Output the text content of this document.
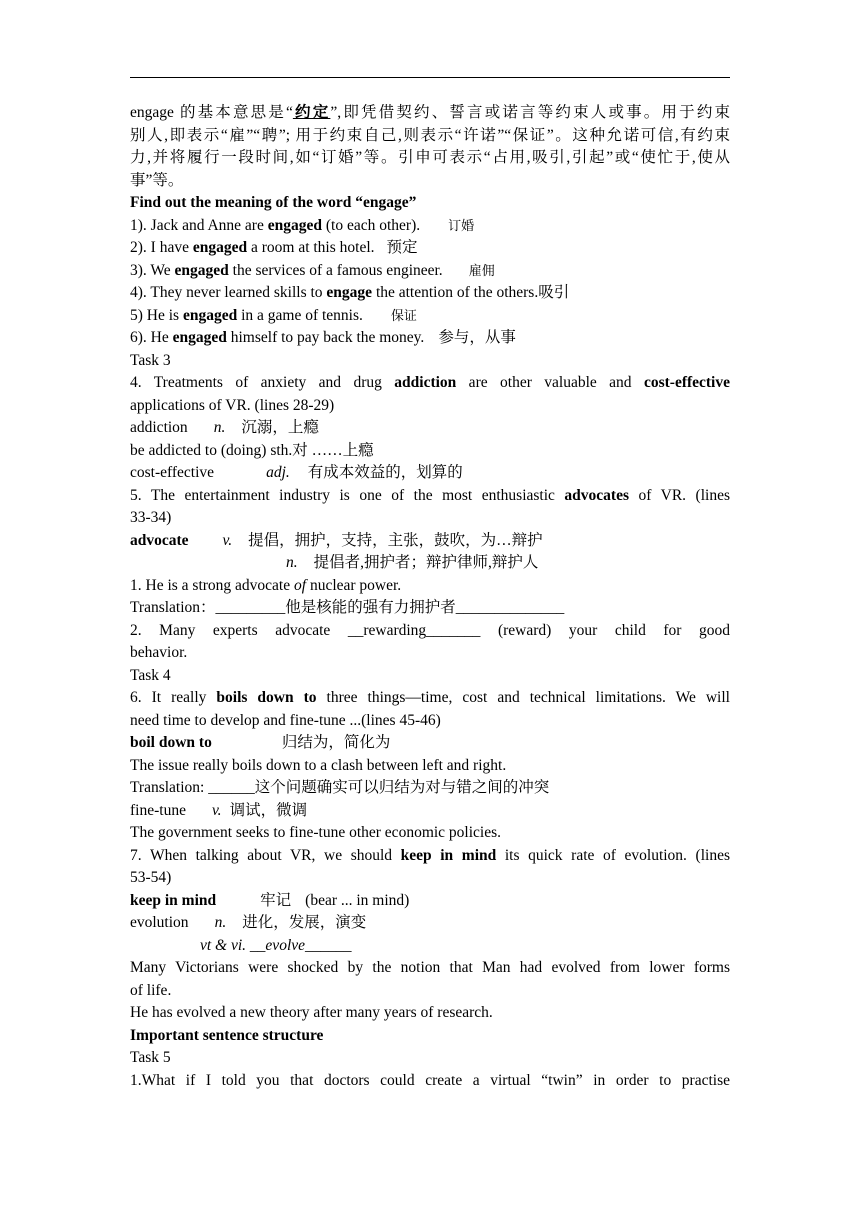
engage 的基本意思是“约定”,即凭借契约、誓言或诺言等约束人或事。用于约束
别人,即表示“雇”“聘”; 用于约束自己,则表示“许诺”“保证”。这种允诺可信,有约束
力,并将履行一段时间,如“订婚”等。引申可表示“占用,吸引,引起”或“使忙于,使从
事”等。
Find out the meaning of the word “engage”
1). Jack and Anne are engaged (to each other). 订婚
2). I have engaged a room at this hotel. 预定
3). We engaged the services of a famous engineer. 雇佣
4). They never learned skills to engage the attention of the others.吸引
5) He is engaged in a game of tennis. 保证
6). He engaged himself to pay back the money. 参与，从事
Task 3
4. Treatments of anxiety and drug addiction are other valuable and cost-effective
applications of VR. (lines 28-29)
addiction n. 沉溺，上瘾
be addicted to (doing) sth.对 ……上瘾
cost-effective	adj. 有成本效益的，划算的
5. The entertainment industry is one of the most enthusiastic advocates of VR. (lines
33-34)
advocate v. 提倡，拥护，支持，主张，鼓吹，为…辩护
n. 提倡者,拥护者；辩护律师,辩护人
1. He is a strong advocate of nuclear power.
Translation：_________他是核能的强有力拥护者______________
2. Many experts advocate __rewarding_______ (reward) your child for good
behavior.
Task 4
6. It really boils down to three things—time, cost and technical limitations. We will
need time to develop and fine-tune ...(lines 45-46)
boil down to	归结为，简化为
The issue really boils down to a clash between left and right.
Translation: ______这个问题确实可以归结为对与错之间的冲突
fine-tune v. 调试，微调
The government seeks to fine-tune other economic policies.
7. When talking about VR, we should keep in mind its quick rate of evolution. (lines
53-54)
keep in mind	牢记 (bear ... in mind)
evolution n. 进化，发展，演变
vt & vi. __evolve______
Many Victorians were shocked by the notion that Man had evolved from lower forms
of life.
He has evolved a new theory after many years of research.
Important sentence structure
Task 5
1.What if I told you that doctors could create a virtual “twin” in order to practise
